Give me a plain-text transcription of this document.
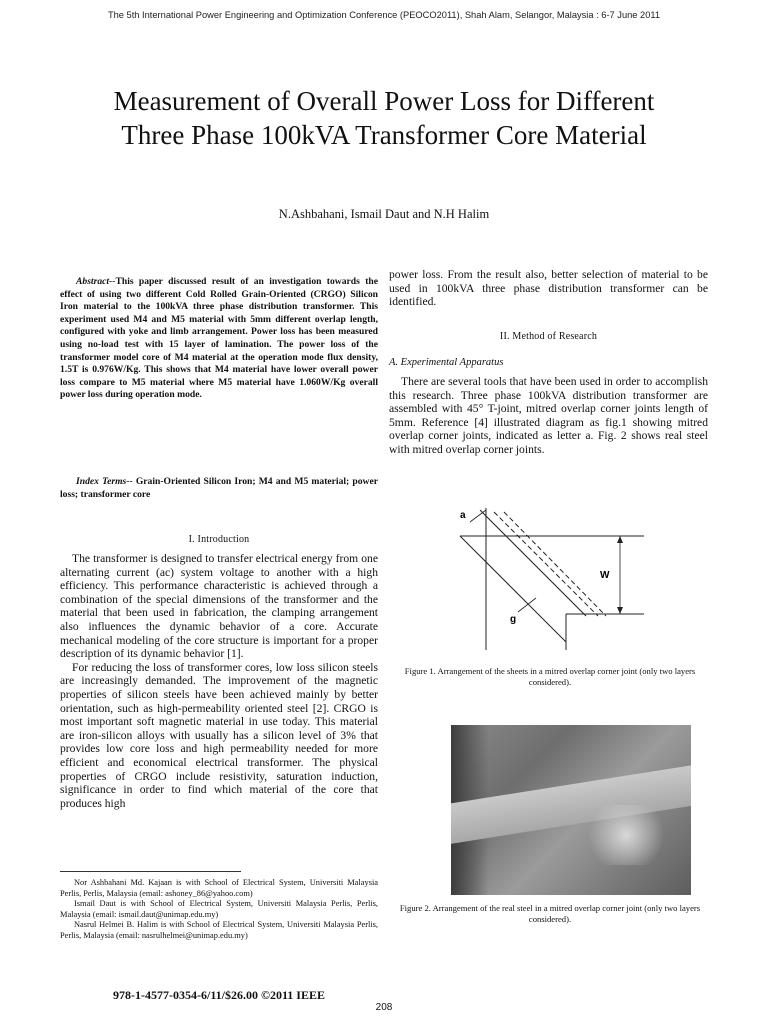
The 5th International Power Engineering and Optimization Conference (PEOCO2011), Shah Alam, Selangor, Malaysia : 6-7 June 2011
Measurement of Overall Power Loss for Different Three Phase 100kVA Transformer Core Material
N.Ashbahani, Ismail Daut and N.H Halim
Abstract--This paper discussed result of an investigation towards the effect of using two different Cold Rolled Grain-Oriented (CRGO) Silicon Iron material to the 100kVA three phase distribution transformer. This experiment used M4 and M5 material with 5mm different overlap length, configured with yoke and limb arrangement. Power loss has been measured using no-load test with 15 layer of lamination. The power loss of the transformer model core of M4 material at the operation mode flux density, 1.5T is 0.976W/Kg. This shows that M4 material have lower overall power loss compare to M5 material where M5 material have 1.060W/Kg overall power loss during operation mode.
Index Terms-- Grain-Oriented Silicon Iron; M4 and M5 material; power loss; transformer core
I. Introduction

The transformer is designed to transfer electrical energy from one alternating current (ac) system voltage to another with a high efficiency. This performance characteristic is achieved through a combination of the special dimensions of the transformer and the material that been used in fabrication, the clamping arrangement also influences the dynamic behavior of a core. Accurate mechanical modeling of the core structure is important for a proper description of its dynamic behavior [1].

For reducing the loss of transformer cores, low loss silicon steels are increasingly demanded. The improvement of the magnetic properties of silicon steels have been achieved mainly by better orientation, such as high-permeability oriented steel [2]. CRGO is most important soft magnetic material in use today. This material are iron-silicon alloys with usually has a silicon level of 3% that provides low core loss and high permeability needed for more efficient and economical electrical transformer. The physical properties of CRGO include resistivity, saturation induction, significance in order to find which material of the core that produces high

Nor Ashbahani Md. Kajaan is with School of Electrical System, Universiti Malaysia Perlis, Perlis, Malaysia (email: ashoney_86@yahoo.com)

Ismail Daut is with School of Electrical System, Universiti Malaysia Perlis, Perlis, Malaysia (email: ismail.daut@unimap.edu.my)

Nasrul Helmei B. Halim is with School of Electrical System, Universiti Malaysia Perlis, Perlis, Malaysia (email: nasrulhelmei@unimap.edu.my)

978-1-4577-0354-6/11/$26.00 ©2011 IEEE
208

power loss. From the result also, better selection of material to be used in 100kVA three phase distribution transformer can be identified.

II. Method of Research
A. Experimental Apparatus

There are several tools that have been used in order to accomplish this research. Three phase 100kVA distribution transformer are assembled with 45° T-joint, mitred overlap corner joints length of 5mm. Reference [4] illustrated diagram as fig.1 showing mitred overlap corner joints, indicated as letter a. Fig. 2 shows real steel with mitred overlap corner joints.

a
W
g
Figure 1. Arrangement of the sheets in a mitred overlap corner joint (only two layers considered).
Figure 2. Arrangement of the real steel in a mitred overlap corner joint (only two layers considered).
